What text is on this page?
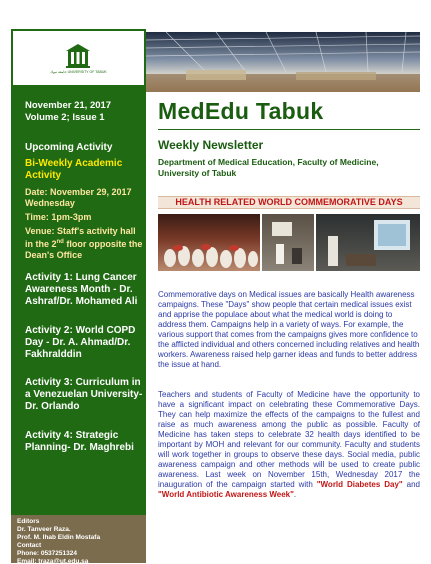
جامعة تبوك UNIVERSITY OF TABUK
November 21, 2017
Volume 2; Issue 1
Upcoming Activity
Bi-Weekly Academic Activity
Date: November 29, 2017 Wednesday
Time: 1pm-3pm
Venue: Staff's activity hall in the 2nd floor opposite the Dean's Office
Activity 1: Lung Cancer Awareness Month - Dr. Ashraf/Dr. Mohamed Ali
Activity 2: World COPD Day - Dr. A. Ahmad/Dr. Fakhralddin
Activity 3: Curriculum in a Venezuelan University- Dr. Orlando
Activity 4: Strategic Planning- Dr. Maghrebi
Editors
Dr. Tanveer Raza.
Prof. M. Ihab Eldin Mostafa
Contact
Phone: 0537251324
Email: traza@ut.edu.sa
MedEdu Tabuk
Weekly Newsletter
Department of Medical Education, Faculty of Medicine, University of Tabuk
HEALTH RELATED WORLD COMMEMORATIVE DAYS
Commemorative days on Medical issues are basically Health awareness campaigns. These "Days" show people that certain medical issues exist and apprise the populace about what the medical world is doing to address them. Campaigns help in a variety of ways. For example, the various support that comes from the campaigns gives more confidence to the afflicted individual and others concerned including relatives and health workers. Awareness raised help garner ideas and funds to better address the issue at hand.
Teachers and students of Faculty of Medicine have the opportunity to have a significant impact on celebrating these Commemorative Days. They can help maximize the effects of the campaigns to the fullest and raise as much awareness among the public as possible. Faculty of Medicine has taken steps to celebrate 32 health days identified to be important by MOH and relevant for our community. Faculty and students will work together in groups to observe these days. Social media, public awareness campaign and other methods will be used to create public awareness. Last week on November 15th, Wednesday 2017 the inauguration of the campaign started with "World Diabetes Day" and "World Antibiotic Awareness Week".
